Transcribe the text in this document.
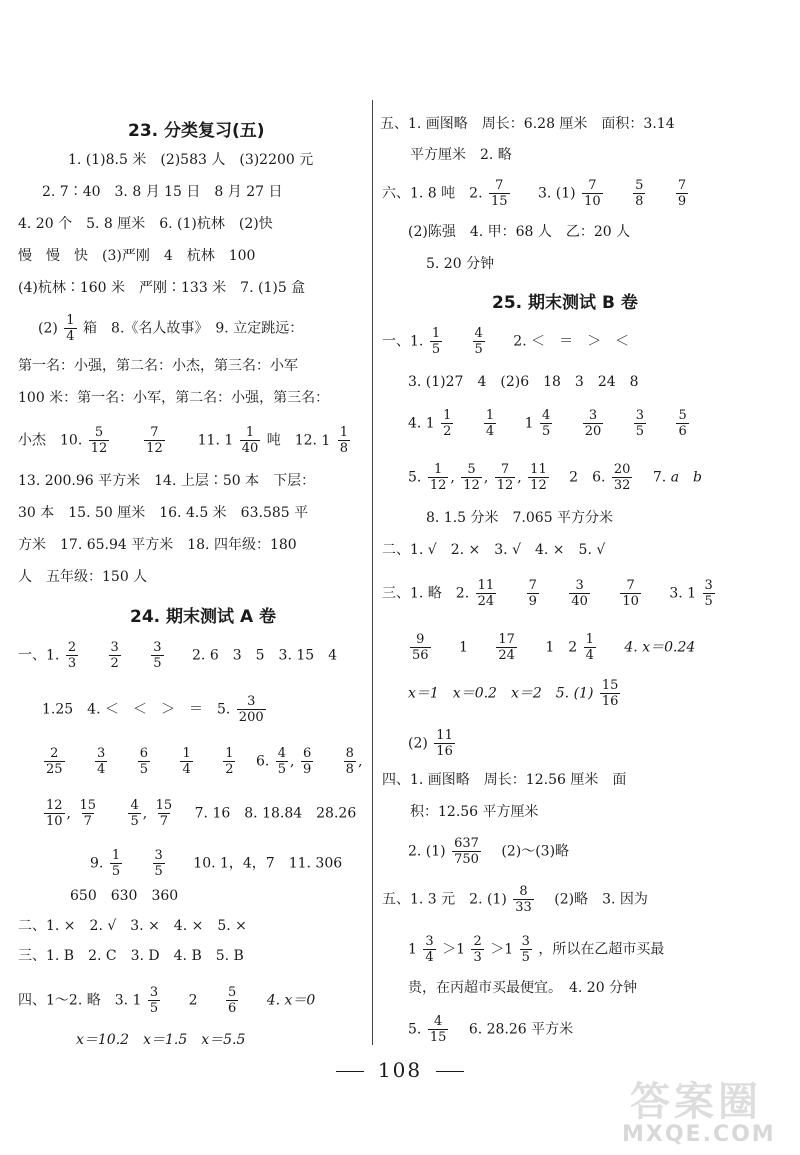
23. 分类复习(五)
1. (1)8.5 米　(2)583 人　(3)2200 元
2. 7∶40　3. 8 月 15 日　8 月 27 日
4. 20 个　5. 8 厘米　6. (1)杭林　(2)快
慢　慢　快　(3)严刚　4　杭林　100
(4)杭林∶160 米　严刚∶133 米　7. (1)5 盒
$(2) \frac{1}{4}$ 箱　8.《名人故事》　9. 立定跳远：
第一名：小强，第二名：小杰，第三名：小军
100 米：第一名：小军，第二名：小强，第三名：
小杰　10. $\frac{5}{12}$
	$\frac{7}{12} 11$. $1 \frac{1}{40}$ 吨　12. $1 \frac{1}{8}$
13. 200.96 平方米　14. 上层∶50 本　下层：
30 本　15. 50 厘米　16. 4.5 米　63.585 平
方米　17. 65.94 平方米　18. 四年级：180
人　五年级：150 人
24. 期末测试 A 卷
一、1. $\frac{2}{3}$
$\frac{3}{2}$
$\frac{3}{5} 2$. 6　3　5　3. 15　4
1.25　4. ＜　＜　＞　＝　5. $\frac{3}{200}$
$\frac{2}{25}$
$\frac{3}{4}$
$\frac{6}{5}$
$\frac{1}{4}$
$\frac{1}{2} 6$. $\frac{4}{5}$ , $\frac{6}{9}$
$\frac{8}{8}$ ,
$\frac{12}{10}$ , $\frac{15}{7}$
$\frac{4}{5}$ , $\frac{15}{7} 7$. 16　8. 18.84　28.26
9. $\frac{1}{5}$
$\frac{3}{5} 10$. 1，4，7　11. 306
650　630　360
二、1. ×　2. √　3. ×　4. ×　5. ×
三、1. B　2. C　3. D　4. B　5. B
四、1～2. 略　3. $1 \frac{3}{5} 2 \frac{5}{6} 4$. x＝0
x＝10.2　x＝1.5　x＝5.5
五、1. 画图略　周长：6.28 厘米　面积：3.14
平方厘米　2. 略
六、1. 8 吨　2. $\frac{7}{15} 3$. $(1) \frac{7}{10}$
$\frac{5}{8}$
$\frac{7}{9}$
(2)陈强　4. 甲：68 人　乙：20 人
5. 20 分钟
25. 期末测试 B 卷
一、1. $\frac{1}{5}$
$\frac{4}{5} 2$. ＜　＝　＞　＜
3. (1)27　4　(2)6　18　3　24　8
4. $1 \frac{1}{2}$
$\frac{1}{4} 1 \frac{4}{5}$
$\frac{3}{20}$
$\frac{3}{5}$
$\frac{5}{6}$
5. $\frac{1}{12}$ , $\frac{5}{12}$ , $\frac{7}{12}$ , $\frac{11}{12} 2$　6. $\frac{20}{32} 7$. a　b
8. 1.5 分米　7.065 平方分米
二、1. √　2. ×　3. √　4. ×　5. √
三、1. 略　2. $\frac{11}{24}$
$\frac{7}{9}$
$\frac{3}{40}$
$\frac{7}{10} 3$. $1 \frac{3}{5}$
$\frac{9}{56} 1 \frac{17}{24} 1$　$2 \frac{1}{4} 4$. x＝0.24
x＝1　x＝0.2　x＝2　5. $(1) \frac{15}{16}$
$(2) \frac{11}{16}$
四、1. 画图略　周长：12.56 厘米　面
积：12.56 平方厘米
2. $(1) \frac{637}{750}$ (2)～(3)略
五、1. 3 元　2. $(1) \frac{8}{33} (2)$略　3. 因为
$1 \frac{3}{4} >1 \frac{2}{3} >1 \frac{3}{5}$ ，所以在乙超市买最
贵，在丙超市买最便宜。　4. 20 分钟
5. $\frac{4}{15} 6$. 28.26 平方米
108
答案圈
MXQE.COM
